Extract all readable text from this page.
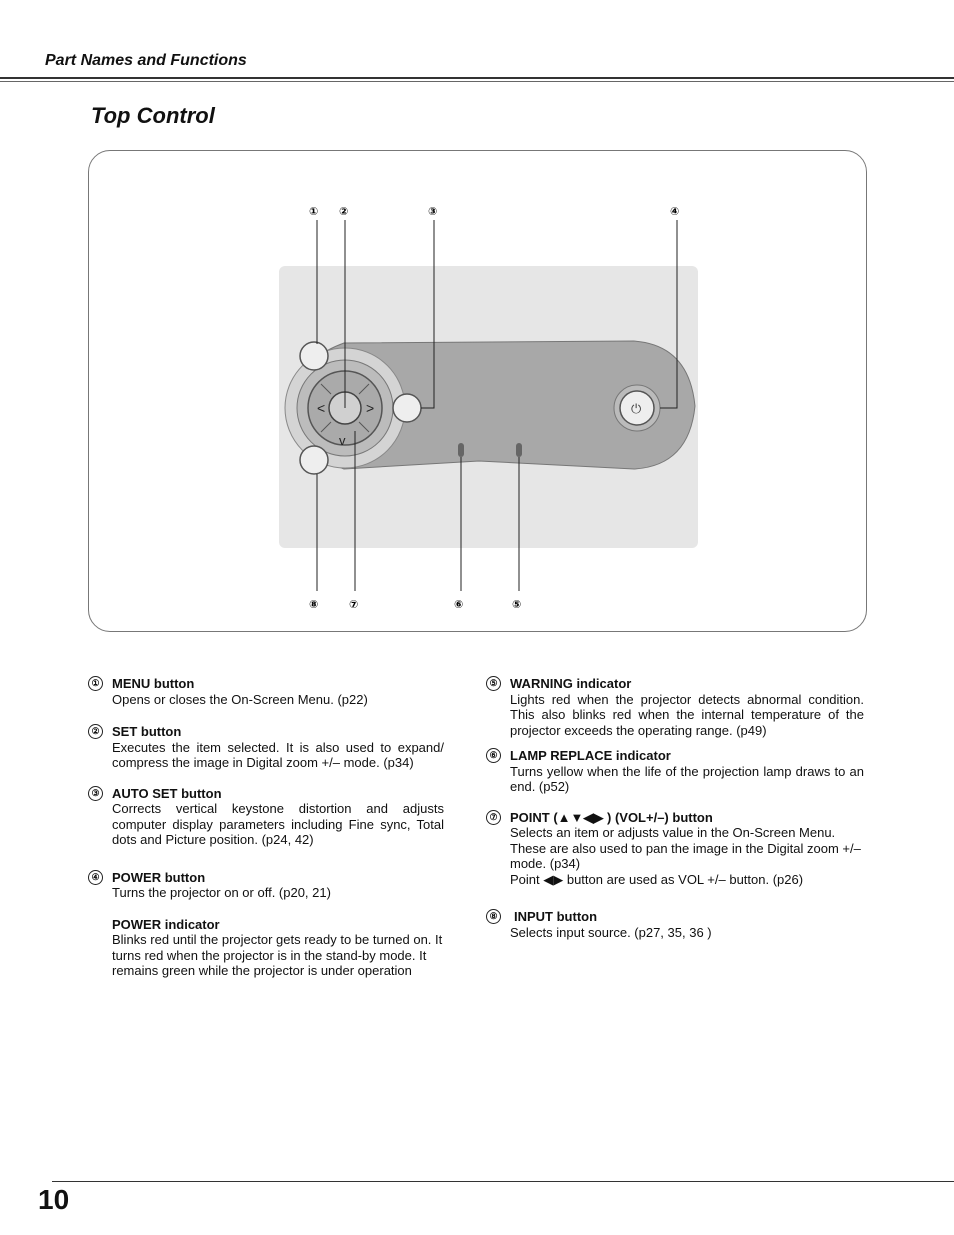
Part Names and Functions
Top Control
<	>
v
⏻
① ②	③	④
⑤
⑥
⑦
⑧
① MENU button
Opens or closes the On-Screen Menu. (p22)
② SET button
Executes the item selected. It is also used to expand/ compress the image in Digital zoom +/– mode. (p34)
③ AUTO SET button
Corrects vertical keystone distortion and adjusts computer display parameters including Fine sync, Total dots and Picture position. (p24, 42)
④ POWER button
Turns the projector on or off. (p20, 21)
POWER indicator
Blinks red until the projector gets ready to be turned on. It turns red when the projector is in the stand-by mode. It remains green while the projector is under operation
⑤ WARNING indicator
Lights red when the projector detects abnormal condition. This also blinks red when the internal temperature of the projector exceeds the operating range. (p49)
⑥ LAMP REPLACE indicator
Turns yellow when the life of the projection lamp draws to an end. (p52)
⑦ POINT (▲▼◀▶ ) (VOL+/–) button
Selects an item or adjusts value in the On-Screen Menu. These are also used to pan the image in the Digital zoom +/– mode. (p34)
Point ◀▶ button are used as VOL +/– button. (p26)
⑧	INPUT button
Selects input source. (p27, 35, 36 )
10
